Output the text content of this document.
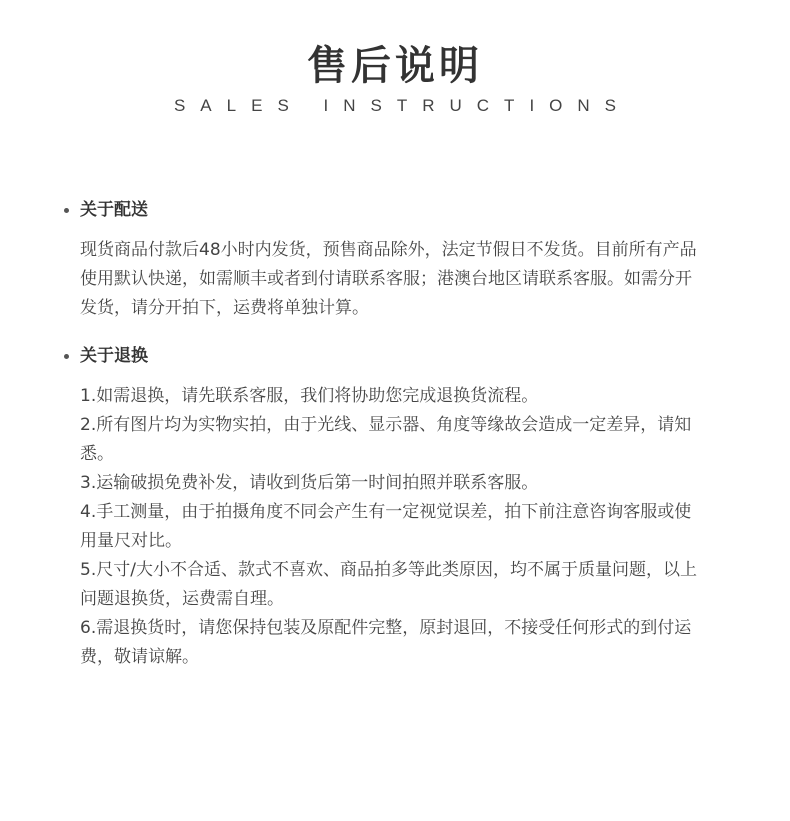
售后说明
SALES INSTRUCTIONS
关于配送

现货商品付款后48小时内发货，预售商品除外，法定节假日不发货。目前所有产品使用默认快递，如需顺丰或者到付请联系客服；港澳台地区请联系客服。如需分开发货，请分开拍下，运费将单独计算。

关于退换

1.如需退换，请先联系客服，我们将协助您完成退换货流程。

2.所有图片均为实物实拍，由于光线、显示器、角度等缘故会造成一定差异，请知悉。

3.运输破损免费补发，请收到货后第一时间拍照并联系客服。

4.手工测量，由于拍摄角度不同会产生有一定视觉误差，拍下前注意咨询客服或使用量尺对比。

5.尺寸/大小不合适、款式不喜欢、商品拍多等此类原因，均不属于质量问题，以上问题退换货，运费需自理。

6.需退换货时，请您保持包装及原配件完整，原封退回，不接受任何形式的到付运费，敬请谅解。
